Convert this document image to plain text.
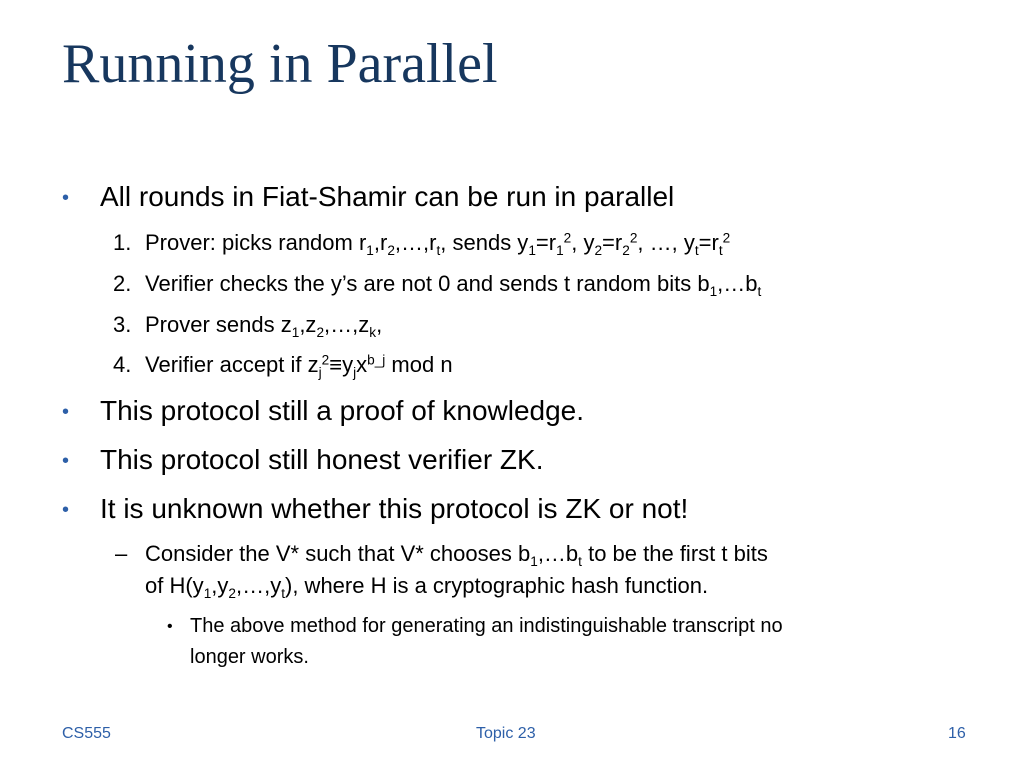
Running in Parallel
• All rounds in Fiat-Shamir can be run in parallel
1. Prover: picks random $r_1,r_2,\dots,r_t$, sends $y_1=r_1^2$, $y_2=r_2^2$, …, $y_t=r_t^2$
2. Verifier checks the y’s are not 0 and sends t random bits $b_1,\dots b_t$
3. Prover sends $z_1,z_2,\dots,z_k$,
4. Verifier accept if $z_j^2\equiv y_jx^{b\_j}$ mod n
• This protocol still a proof of knowledge.
• This protocol still honest verifier ZK.
• It is unknown whether this protocol is ZK or not!
– Consider the V* such that V* chooses $b_1,\dots b_t$ to be the first t bits
of $H(y_1,y_2,\dots,y_t)$, where H is a cryptographic hash function.
• The above method for generating an indistinguishable transcript no
longer works.
CS555	Topic 23	16
